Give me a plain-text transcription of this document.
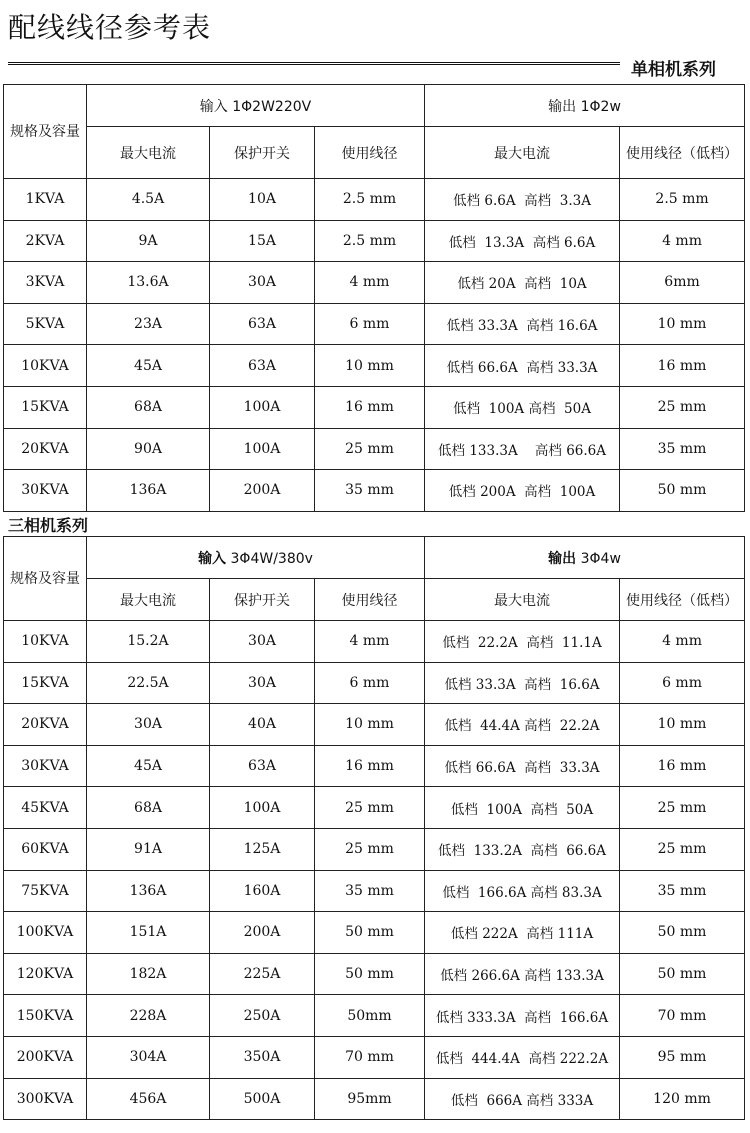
配线线径参考表
单相机系列
规格及容量	输入 1Φ2W220V			输出 1Φ2w	
	最大电流	保护开关	使用线径	最大电流	使用线径（低档）
1KVA	4.5A	10A	2.5 mm	低档 6.6A  高档  3.3A	2.5 mm
2KVA	9A	15A	2.5 mm	低档  13.3A  高档 6.6A	4 mm
3KVA	13.6A	30A	4 mm	低档 20A  高档  10A	6mm
5KVA	23A	63A	6 mm	低档 33.3A  高档 16.6A	10 mm
10KVA	45A	63A	10 mm	低档 66.6A  高档 33.3A	16 mm
15KVA	68A	100A	16 mm	低档  100A 高档  50A	25 mm
20KVA	90A	100A	25 mm	低档 133.3A    高档 66.6A	35 mm
30KVA	136A	200A	35 mm	低档 200A  高档  100A	50 mm
三相机系列
规格及容量	输入 3Φ4W/380v			输出 3Φ4w	
	最大电流	保护开关	使用线径	最大电流	使用线径（低档）
10KVA	15.2A	30A	4 mm	低档  22.2A  高档  11.1A	4 mm
15KVA	22.5A	30A	6 mm	低档 33.3A  高档  16.6A	6 mm
20KVA	30A	40A	10 mm	低档  44.4A 高档  22.2A	10 mm
30KVA	45A	63A	16 mm	低档 66.6A  高档  33.3A	16 mm
45KVA	68A	100A	25 mm	低档  100A  高档  50A	25 mm
60KVA	91A	125A	25 mm	低档  133.2A  高档  66.6A	25 mm
75KVA	136A	160A	35 mm	低档  166.6A 高档 83.3A	35 mm
100KVA	151A	200A	50 mm	低档 222A  高档 111A	50 mm
120KVA	182A	225A	50 mm	低档 266.6A 高档 133.3A	50 mm
150KVA	228A	250A	50mm	低档 333.3A  高档  166.6A	70 mm
200KVA	304A	350A	70 mm	低档  444.4A  高档 222.2A	95 mm
300KVA	456A	500A	95mm	低档  666A 高档 333A	120 mm
